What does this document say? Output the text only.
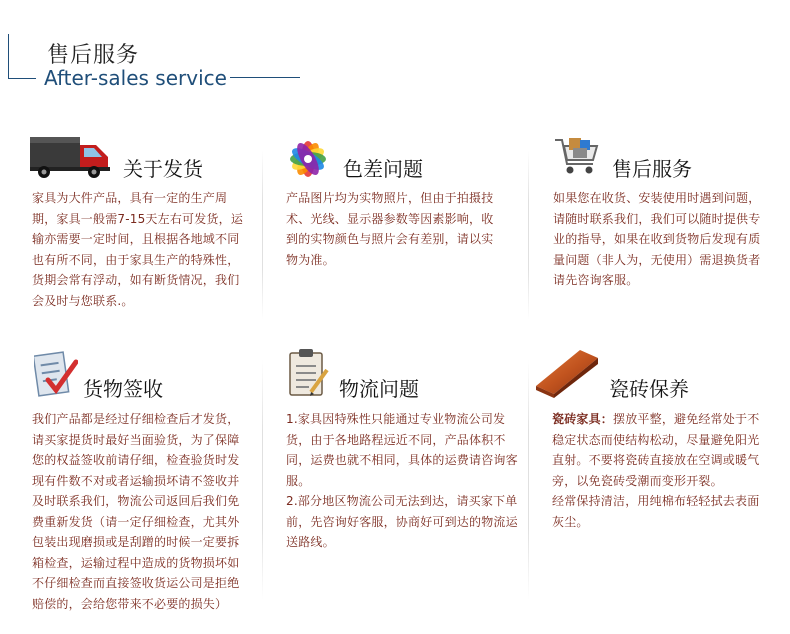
售后服务
After-sales service
关于发货
家具为大件产品，具有一定的生产周期，家具一般需7-15天左右可发货，运输亦需要一定时间，且根据各地域不同也有所不同，由于家具生产的特殊性，货期会常有浮动，如有断货情况，我们会及时与您联系.。
色差问题
产品图片均为实物照片，但由于拍摄技术、光线、显示器参数等因素影响，收到的实物颜色与照片会有差别，请以实物为准。
售后服务
如果您在收货、安装使用时遇到问题，请随时联系我们，我们可以随时提供专业的指导，如果在收到货物后发现有质量问题（非人为，无使用）需退换货者请先咨询客服。
货物签收
我们产品都是经过仔细检查后才发货，请买家提货时最好当面验货，为了保障您的权益签收前请仔细，检查验货时发现有件数不对或者运输损坏请不签收并及时联系我们，物流公司返回后我们免费重新发货（请一定仔细检查，尤其外包装出现磨损或是刮蹭的时候一定要拆箱检查，运输过程中造成的货物损坏如不仔细检查而直接签收货运公司是拒绝赔偿的，会给您带来不必要的损失）
物流问题

1.家具因特殊性只能通过专业物流公司发货，由于各地路程远近不同，产品体积不同，运费也就不相同，具体的运费请咨询客服。

2.部分地区物流公司无法到达，请买家下单前，先咨询好客服，协商好可到达的物流运送路线。

瓷砖保养

瓷砖家具：摆放平整，避免经常处于不稳定状态而使结构松动，尽量避免阳光直射。不要将瓷砖直接放在空调或暖气旁，以免瓷砖受潮而变形开裂。

经常保持清洁，用纯棉布轻轻拭去表面灰尘。
